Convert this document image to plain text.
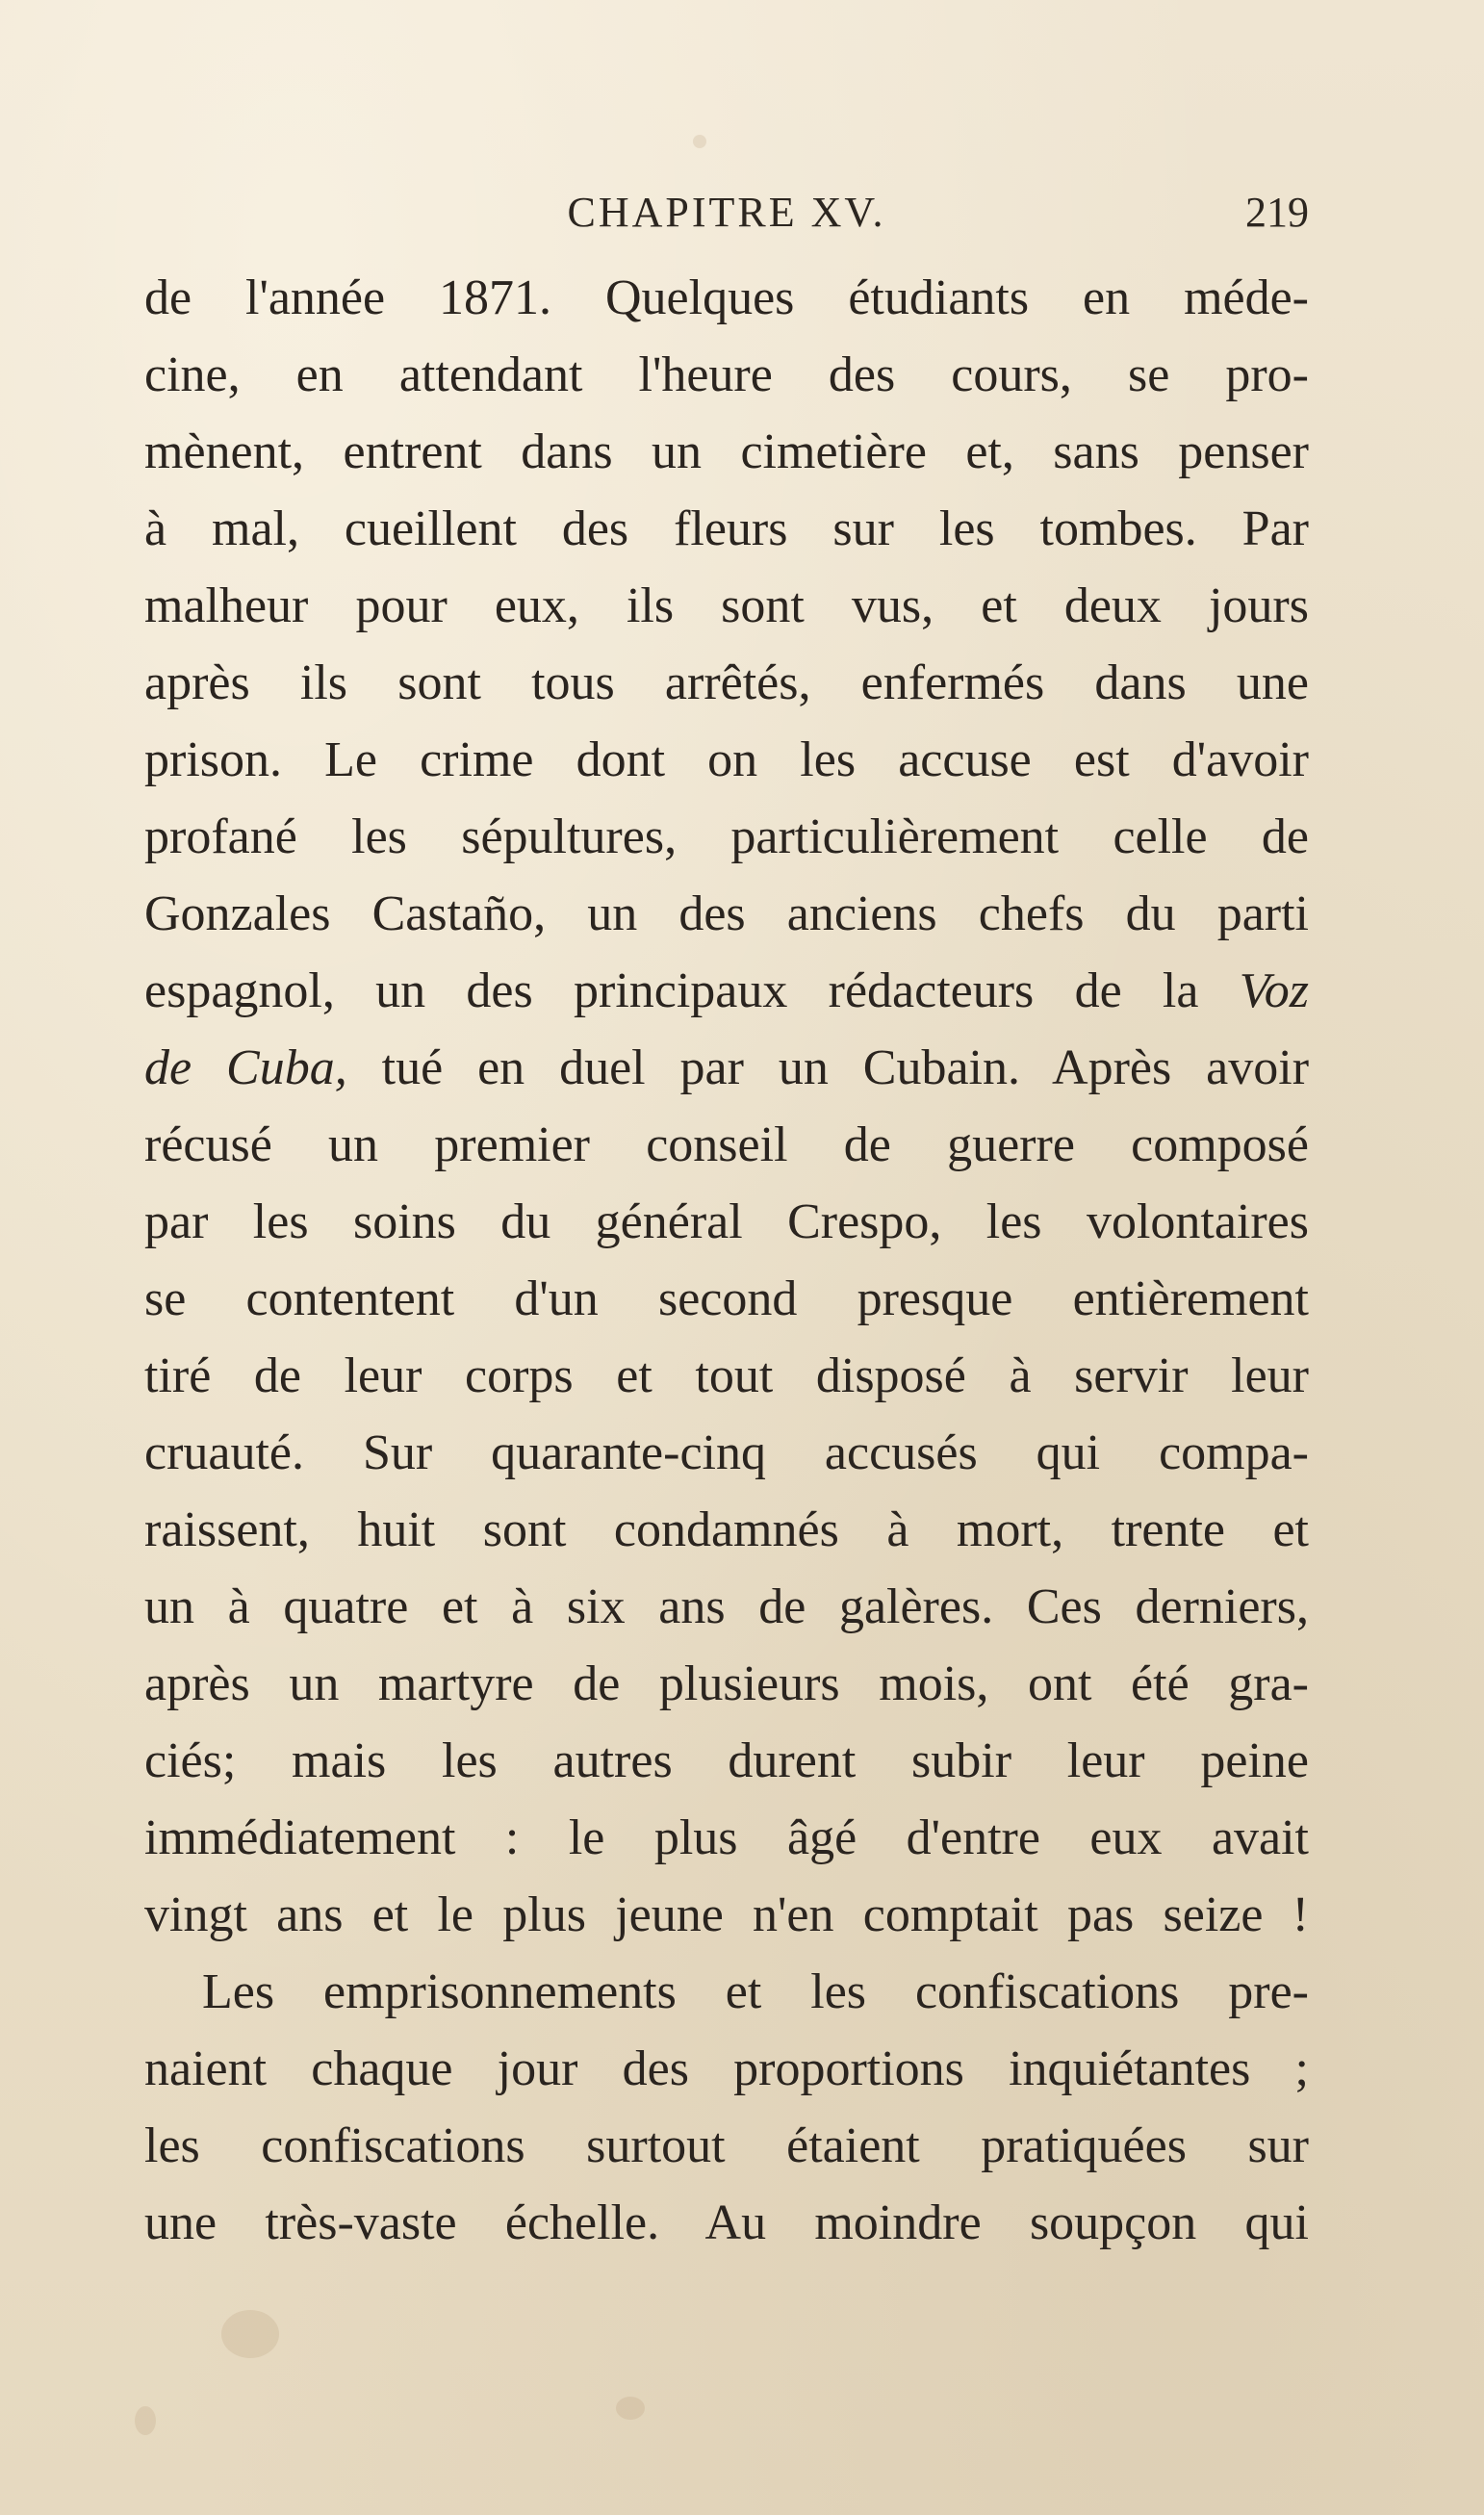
CHAPITRE XV.	219
de l'année 1871. Quelques étudiants en méde-
cine, en attendant l'heure des cours, se pro-
mènent, entrent dans un cimetière et, sans penser
à mal, cueillent des fleurs sur les tombes. Par
malheur pour eux, ils sont vus, et deux jours
après ils sont tous arrêtés, enfermés dans une
prison. Le crime dont on les accuse est d'avoir
profané les sépultures, particulièrement celle de
Gonzales Castaño, un des anciens chefs du parti
espagnol, un des principaux rédacteurs de la Voz
de Cuba, tué en duel par un Cubain. Après avoir
récusé un premier conseil de guerre composé
par les soins du général Crespo, les volontaires
se contentent d'un second presque entièrement
tiré de leur corps et tout disposé à servir leur
cruauté. Sur quarante-cinq accusés qui compa-
raissent, huit sont condamnés à mort, trente et
un à quatre et à six ans de galères. Ces derniers,
après un martyre de plusieurs mois, ont été gra-
ciés; mais les autres durent subir leur peine
immédiatement : le plus âgé d'entre eux avait
vingt ans et le plus jeune n'en comptait pas seize !
Les emprisonnements et les confiscations pre-
naient chaque jour des proportions inquiétantes ;
les confiscations surtout étaient pratiquées sur
une très-vaste échelle. Au moindre soupçon qui
